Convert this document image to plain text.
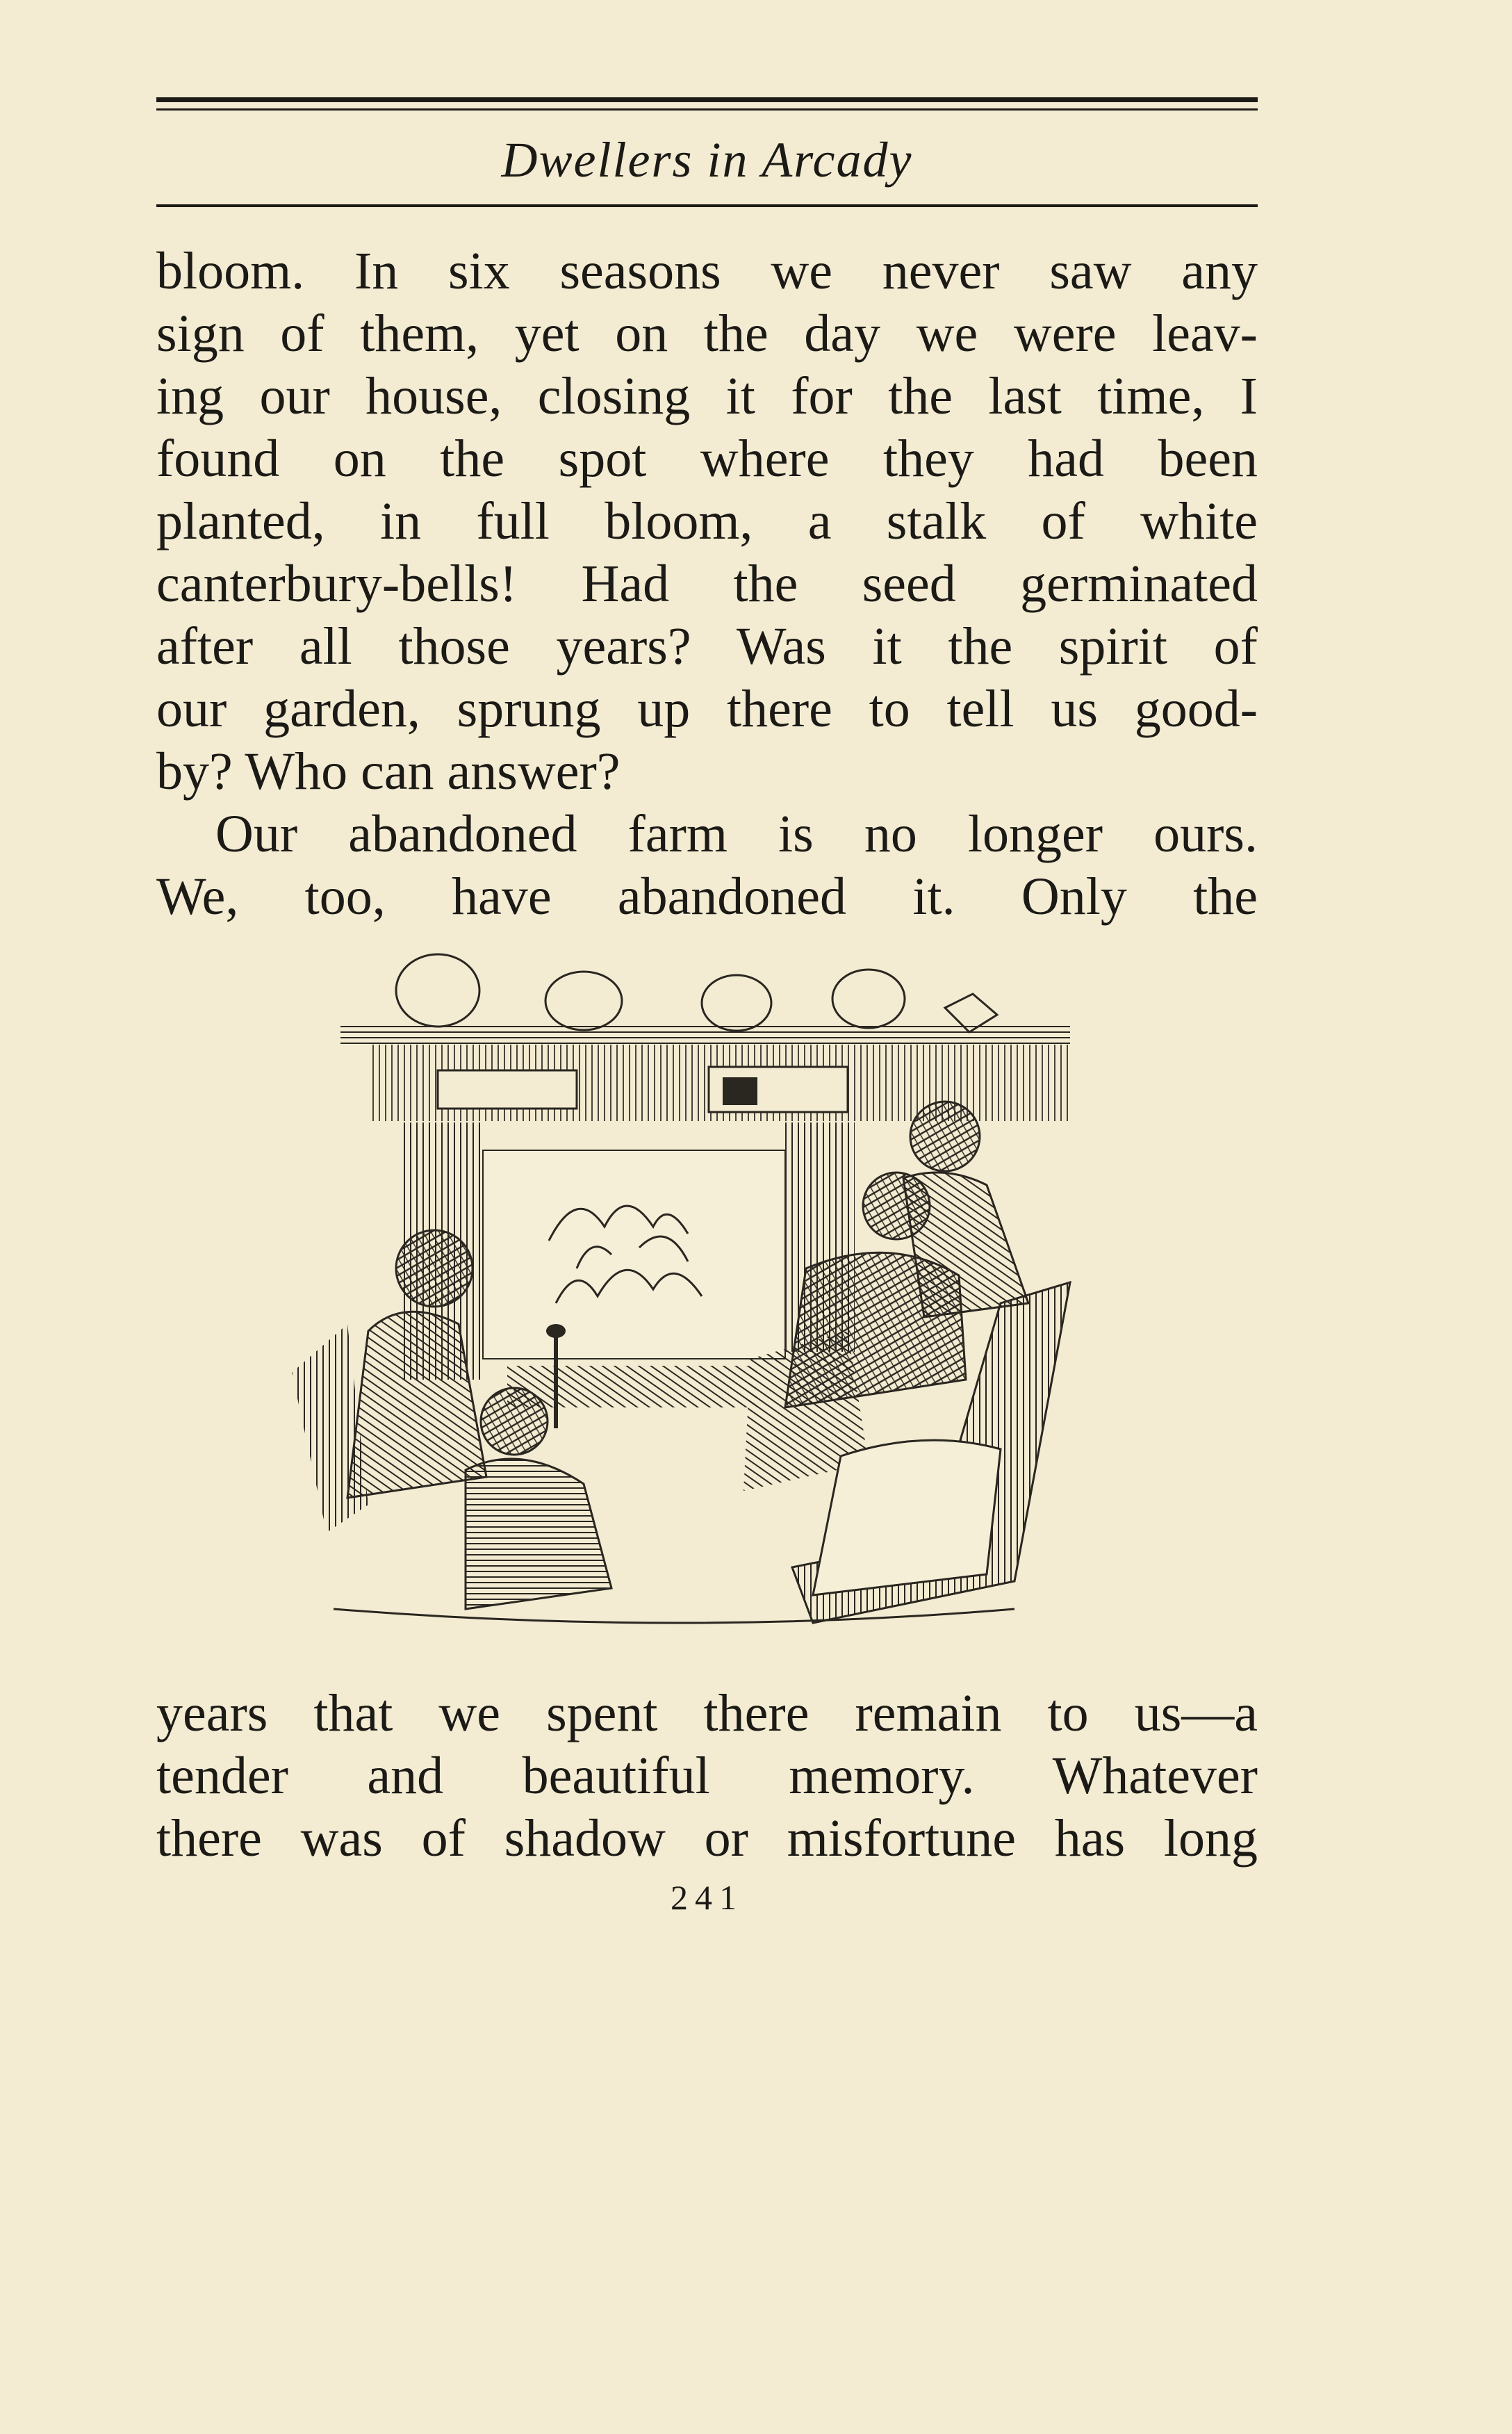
Dwellers in Arcady
bloom. In six seasons we never saw any
sign of them, yet on the day we were leav-
ing our house, closing it for the last time, I
found on the spot where they had been
planted, in full bloom, a stalk of white
canterbury-bells! Had the seed germinated
after all those years? Was it the spirit of
our garden, sprung up there to tell us good-
by? Who can answer?
Our abandoned farm is no longer ours.
We, too, have abandoned it. Only the
years that we spent there remain to us—a
tender and beautiful memory. Whatever
there was of shadow or misfortune has long
241
